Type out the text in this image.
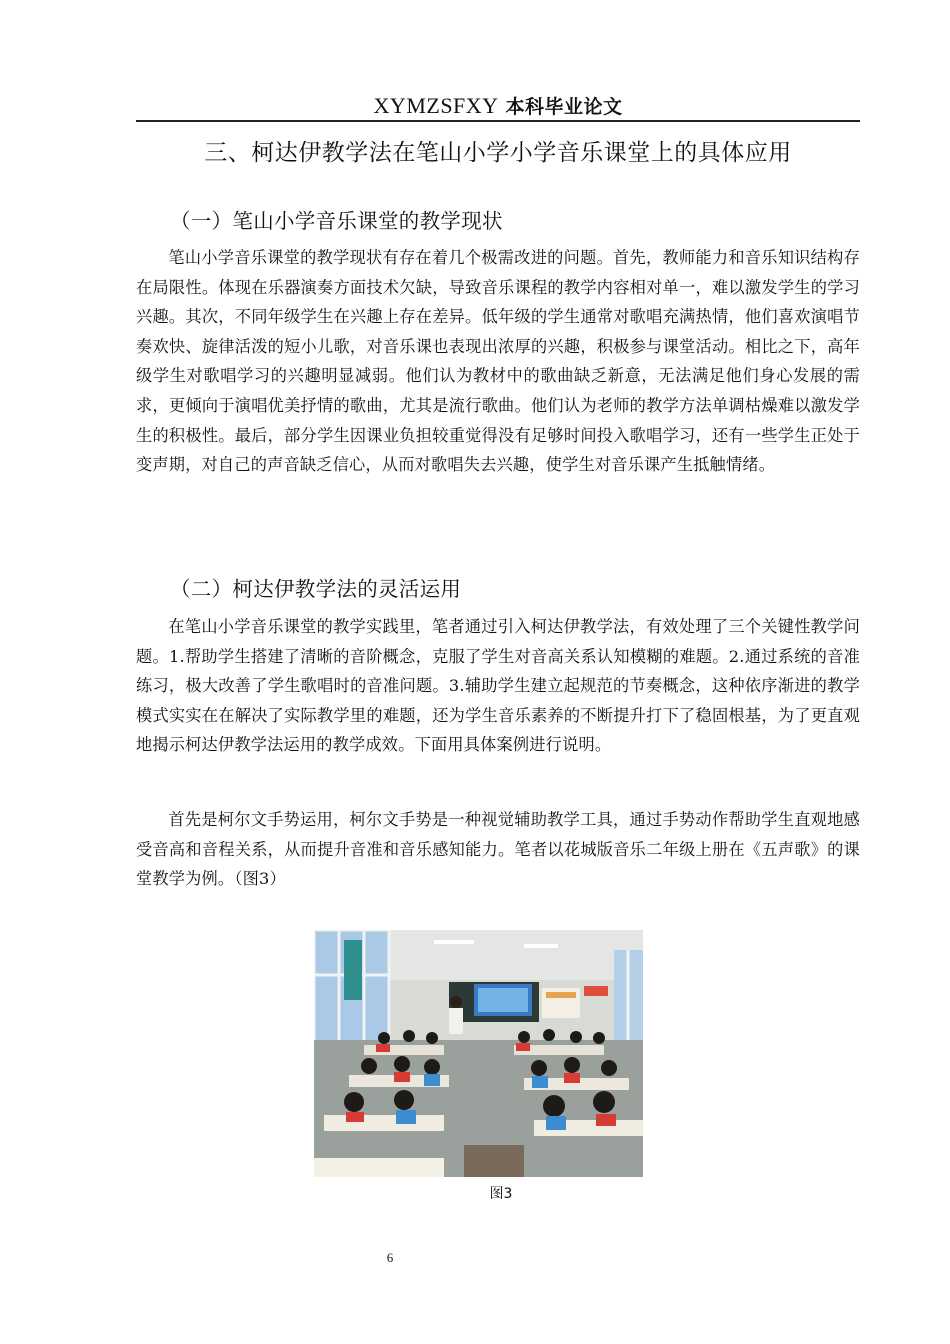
XYMZSFXY 本科毕业论文
三、柯达伊教学法在笔山小学小学音乐课堂上的具体应用
（一）笔山小学音乐课堂的教学现状
笔山小学音乐课堂的教学现状有存在着几个极需改进的问题。首先，教师能力和音乐知识结构存在局限性。体现在乐器演奏方面技术欠缺，导致音乐课程的教学内容相对单一，难以激发学生的学习兴趣。其次，不同年级学生在兴趣上存在差异。低年级的学生通常对歌唱充满热情，他们喜欢演唱节奏欢快、旋律活泼的短小儿歌，对音乐课也表现出浓厚的兴趣，积极参与课堂活动。相比之下，高年级学生对歌唱学习的兴趣明显减弱。他们认为教材中的歌曲缺乏新意，无法满足他们身心发展的需求，更倾向于演唱优美抒情的歌曲，尤其是流行歌曲。他们认为老师的教学方法单调枯燥难以激发学生的积极性。最后，部分学生因课业负担较重觉得没有足够时间投入歌唱学习，还有一些学生正处于变声期，对自己的声音缺乏信心，从而对歌唱失去兴趣，使学生对音乐课产生抵触情绪。
（二）柯达伊教学法的灵活运用
在笔山小学音乐课堂的教学实践里，笔者通过引入柯达伊教学法，有效处理了三个关键性教学问题。1.帮助学生搭建了清晰的音阶概念，克服了学生对音高关系认知模糊的难题。2.通过系统的音准练习，极大改善了学生歌唱时的音准问题。3.辅助学生建立起规范的节奏概念，这种依序渐进的教学模式实实在在解决了实际教学里的难题，还为学生音乐素养的不断提升打下了稳固根基，为了更直观地揭示柯达伊教学法运用的教学成效。下面用具体案例进行说明。
首先是柯尔文手势运用，柯尔文手势是一种视觉辅助教学工具，通过手势动作帮助学生直观地感受音高和音程关系，从而提升音准和音乐感知能力。笔者以花城版音乐二年级上册在《五声歌》的课堂教学为例。（图3）
图3
6
